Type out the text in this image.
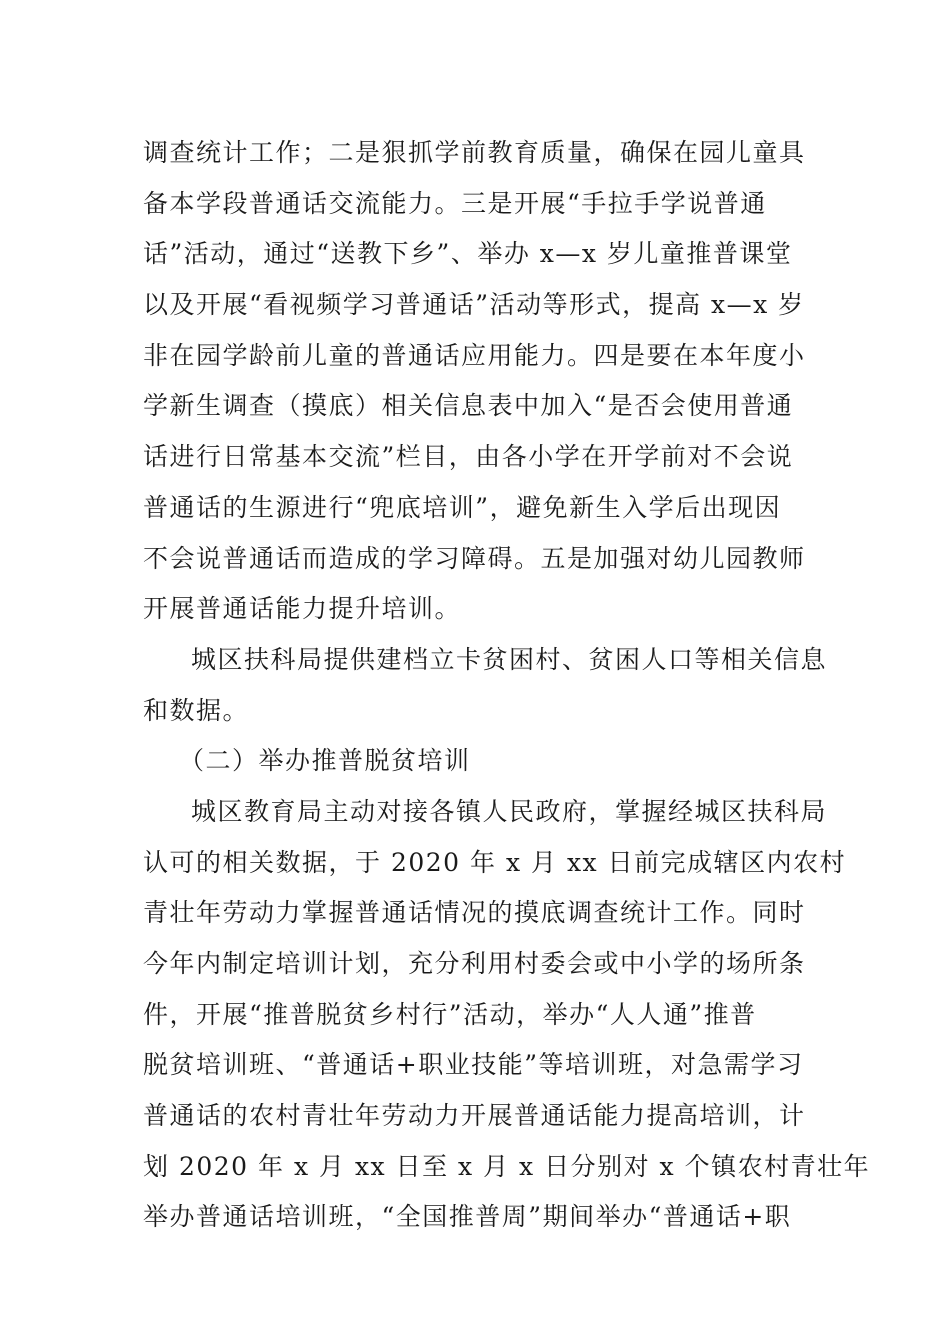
调查统计工作；二是狠抓学前教育质量，确保在园儿童具
备本学段普通话交流能力。三是开展“手拉手学说普通
话”活动，通过“送教下乡”、举办 x—x 岁儿童推普课堂
以及开展“看视频学习普通话”活动等形式，提高 x—x 岁
非在园学龄前儿童的普通话应用能力。四是要在本年度小
学新生调查（摸底）相关信息表中加入“是否会使用普通
话进行日常基本交流”栏目，由各小学在开学前对不会说
普通话的生源进行“兜底培训”，避免新生入学后出现因
不会说普通话而造成的学习障碍。五是加强对幼儿园教师
开展普通话能力提升培训。
城区扶科局提供建档立卡贫困村、贫困人口等相关信息
和数据。
（二）举办推普脱贫培训
城区教育局主动对接各镇人民政府，掌握经城区扶科局
认可的相关数据，于 2020 年 x 月 xx 日前完成辖区内农村
青壮年劳动力掌握普通话情况的摸底调查统计工作。同时
今年内制定培训计划，充分利用村委会或中小学的场所条
件，开展“推普脱贫乡村行”活动，举办“人人通”推普
脱贫培训班、“普通话+职业技能”等培训班，对急需学习
普通话的农村青壮年劳动力开展普通话能力提高培训，计
划 2020 年 x 月 xx 日至 x 月 x 日分别对 x 个镇农村青壮年
举办普通话培训班，“全国推普周”期间举办“普通话+职
